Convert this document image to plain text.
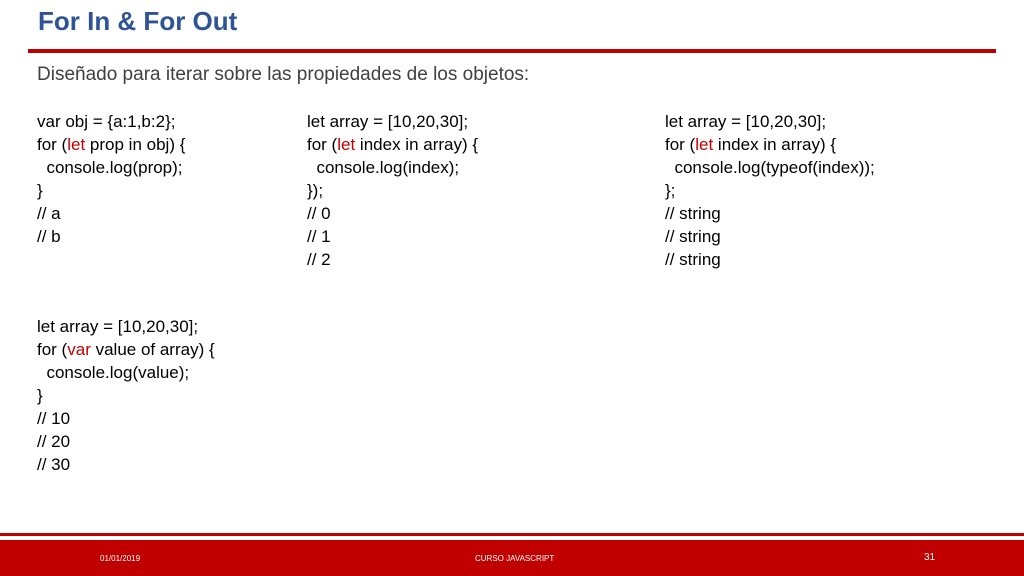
For In & For Out
Diseñado para iterar sobre las propiedades de los objetos:
var obj = {a:1,b:2};
for (let prop in obj) {
console.log(prop);
}
// a
// b
let array = [10,20,30];
for (let index in array) {
console.log(index);
});
// 0
// 1
// 2
let array = [10,20,30];
for (let index in array) {
console.log(typeof(index));
};
// string
// string
// string
let array = [10,20,30];
for (var value of array) {
console.log(value);
}
// 10
// 20
// 30
01/01/2019	CURSO JAVASCRIPT	31
